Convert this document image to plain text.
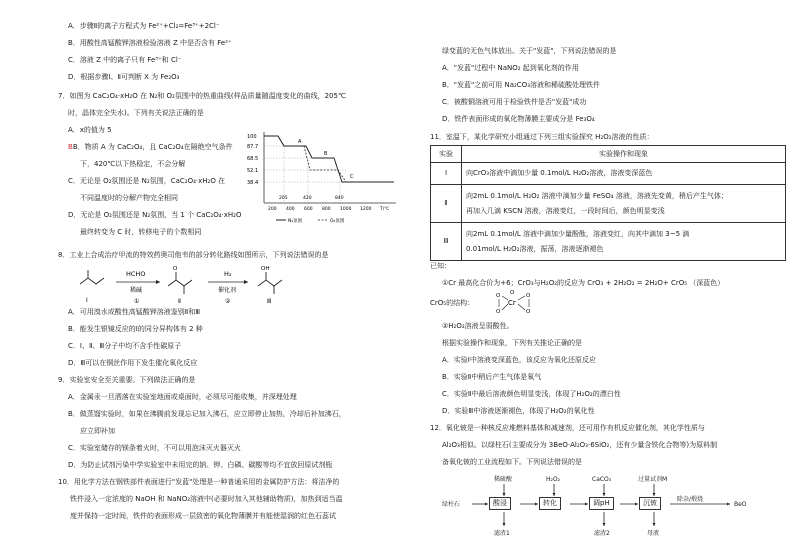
A．步骤Ⅱ的离子方程式为 Fe²⁺+Cl₂=Fe³⁺+2Cl⁻
B．用酸性高锰酸钾溶液检验溶液 Z 中是否含有 Fe²⁺
C．溶液 Z 中的离子只有 Fe³⁺和 Cl⁻
D．根据步骤Ⅰ、Ⅱ可判断 X 为 Fe₂O₃
7．如图为 CaC₂O₄·xH₂O 在 N₂和 O₂氛围中的热重曲线(样品质量随温度变化的曲线，205℃
时，晶体完全失水)。下列有关说法正确的是
A．x的值为 5
BB．物质 A 为 CaC₂O₄，且 CaC₂O₄在隔绝空气条件
下，420℃以下热稳定，不会分解
C．无论是 O₂氛围还是 N₂氛围，CaC₂O₄·xH₂O 在
不同温度时的分解产物完全相同
D．无论是 O₂氛围还是 N₂氛围，当 1 个 CaC₂O₄·xH₂O
最终转变为 C 时，转移电子的个数相同
100
87.7
68.5
52.1
38.4
A
B
C
205	420	840
200 400 600 800 1000 1200 T/℃
N₂氛围	O₂氛围
8．工业上合成治疗甲流的特效药奥司他韦的部分转化路线如图所示，下列说法错误的是
Ⅰ
HCHO
稀碱
①
O
Ⅱ
H₂
催化剂
②
OH
Ⅲ
A．可用溴水或酸性高锰酸钾溶液鉴别Ⅱ和Ⅲ
B．能发生银镜反应的Ⅰ的同分异构体有 2 种
C．Ⅰ、Ⅱ、Ⅲ分子中均不含手性碳原子
D．Ⅲ可以在铜丝作用下发生催化氧化反应
9．实验室安全至关重要。下列做法正确的是
A．金属汞一旦洒落在实验室地面或桌面时，必须尽可能收集，并深埋处理
B．做蒸馏实验时，如果在沸腾前发现忘记加入沸石，应立即停止加热，冷却后补加沸石，
应立即补加
C．实验室储存的镁条着火时，不可以用泡沫灭火器灭火
D．为防止试剂污染中学实验室中未用完的钠、钾、白磷、碳酸等均不宜放回原试剂瓶
10．用化学方法在钢铁部件表面进行"发蓝"处理是一种普通采用的金属防护方法：将洁净的
铁件浸入一定浓度的 NaOH 和 NaNO₂溶液中(必要时加入其他辅助物质)，加热到适当温
度并保持一定时间，铁件的表面形成一层致密的氧化物薄膜并有能使湿润的红色石蕊试
绿变蓝的无色气体放出。关于"发蓝"，下列说法错误的是
A．"发蓝"过程中 NaNO₂ 起到氧化剂的作用
B．"发蓝"之前可用 Na₂CO₃溶液和稀硫酸处理铁件
C．被酸铜溶液可用于检验铁件是否"发蓝"成功
D．铁件表面形成的氧化物薄膜主要成分是 Fe₃O₄
11．室温下，某化学研究小组通过下列三组实验探究 H₂O₂溶液的性质：
实验	实验操作和现象
Ⅰ	向CrO₃溶液中滴加少量 0.1mol/L H₂O₂溶液，溶液变深蓝色
Ⅱ	向2mL 0.1mol/L H₂O₂ 溶液中滴加少量 FeSO₄ 溶液，溶液先变黄，稍后产生气体；
再加入几滴 KSCN 溶液，溶液变红，一段时间后，颜色明显变浅

Ⅲ	向2mL 0.1mol/L 溶液中滴加少量酚酞，溶液变红，向其中滴加 3~5 滴
0.01mol/L H₂O₂溶液，振荡，溶液逐渐褪色
已知：
①Cr 最高化合价为+6；CrO₃与H₂O₂的反应为 CrO₃ + 2H₂O₂ = 2H₂O+ CrO₅ （深蓝色）
CrO₅的结构：	Cr
O
O
O
O
O
②H₂O₂溶液呈弱酸性。
根据实验操作和现象，下列有关推论正确的是
A．实验Ⅰ中溶液变深蓝色，该反应为氧化还原反应
B．实验Ⅱ中稍后产生气体是氧气
C．实验Ⅱ中最后溶液颜色明显变浅，体现了H₂O₂的漂白性
D．实验Ⅲ中溶液逐渐褪色，体现了H₂O₂的氧化性
12．氧化铍是一种核反应堆燃料基体和减速剂，还可用作有机反应催化剂，其化学性质与
Al₂O₃相似。以绿柱石(主要成分为 3BeO·Al₂O₃·6SiO₂，还有少量含铁化合物等)为原料制
备氧化铍的工业流程如下。下列说法错误的是
绿柱石	酸浸	转化	调pH	沉铍
稀硫酸	H₂O₂	CaCO₃	过量试剂M
除杂/煅烧
BeO
滤渣1	滤渣2	母液
